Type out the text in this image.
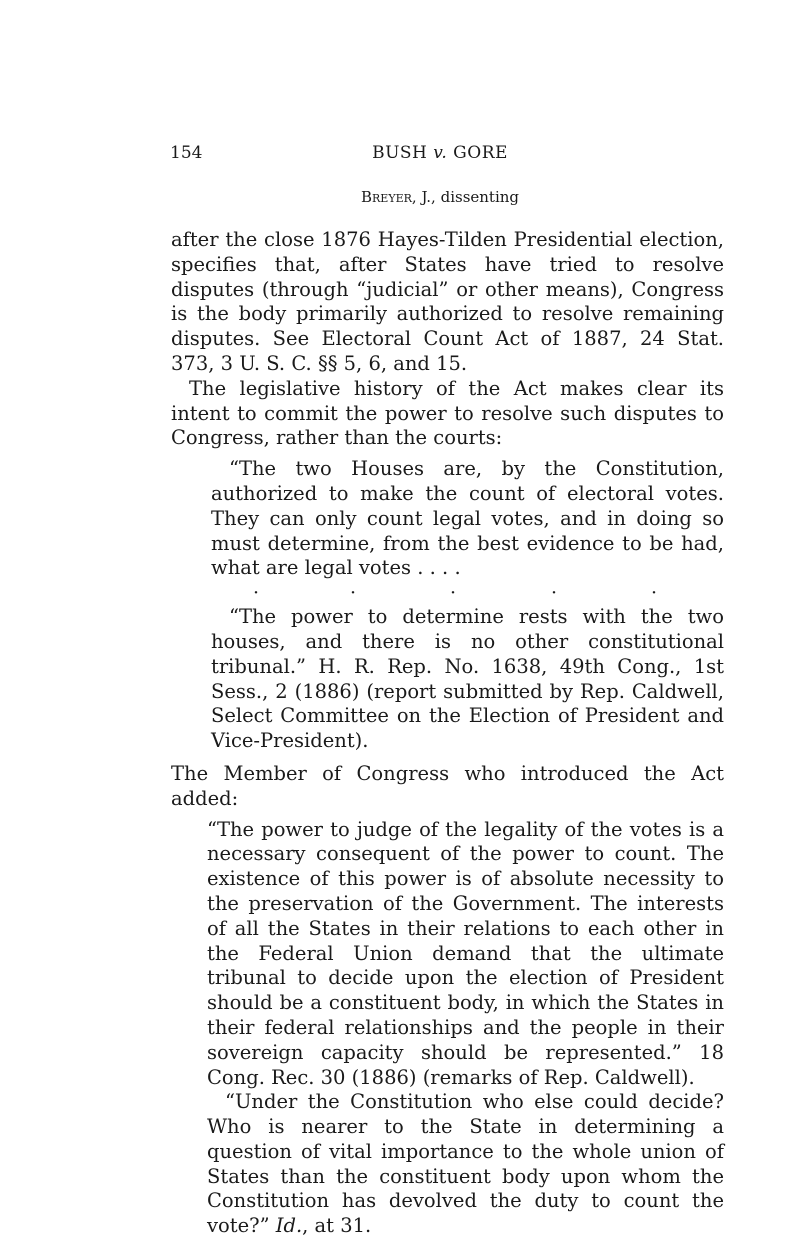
154	BUSH v. GORE
Breyer, J., dissenting

after the close 1876 Hayes-Tilden Presidential election, specifies that, after States have tried to resolve disputes (through “judicial” or other means), Congress is the body primarily authorized to resolve remaining disputes. See Electoral Count Act of 1887, 24 Stat. 373, 3 U. S. C. §§ 5, 6, and 15.

The legislative history of the Act makes clear its intent to commit the power to resolve such disputes to Congress, rather than the courts:

“The two Houses are, by the Constitution, authorized to make the count of electoral votes. They can only count legal votes, and in doing so must determine, from the best evidence to be had, what are legal votes . . . .

·	·	·	·	·

“The power to determine rests with the two houses, and there is no other constitutional tribunal.” H. R. Rep. No. 1638, 49th Cong., 1st Sess., 2 (1886) (report submitted by Rep. Caldwell, Select Committee on the Election of President and Vice-President).

The Member of Congress who introduced the Act added:

“The power to judge of the legality of the votes is a necessary consequent of the power to count. The existence of this power is of absolute necessity to the preservation of the Government. The interests of all the States in their relations to each other in the Federal Union demand that the ultimate tribunal to decide upon the election of President should be a constituent body, in which the States in their federal relationships and the people in their sovereign capacity should be represented.” 18 Cong. Rec. 30 (1886) (remarks of Rep. Caldwell).

“Under the Constitution who else could decide? Who is nearer to the State in determining a question of vital importance to the whole union of States than the constituent body upon whom the Constitution has devolved the duty to count the vote?” Id., at 31.
